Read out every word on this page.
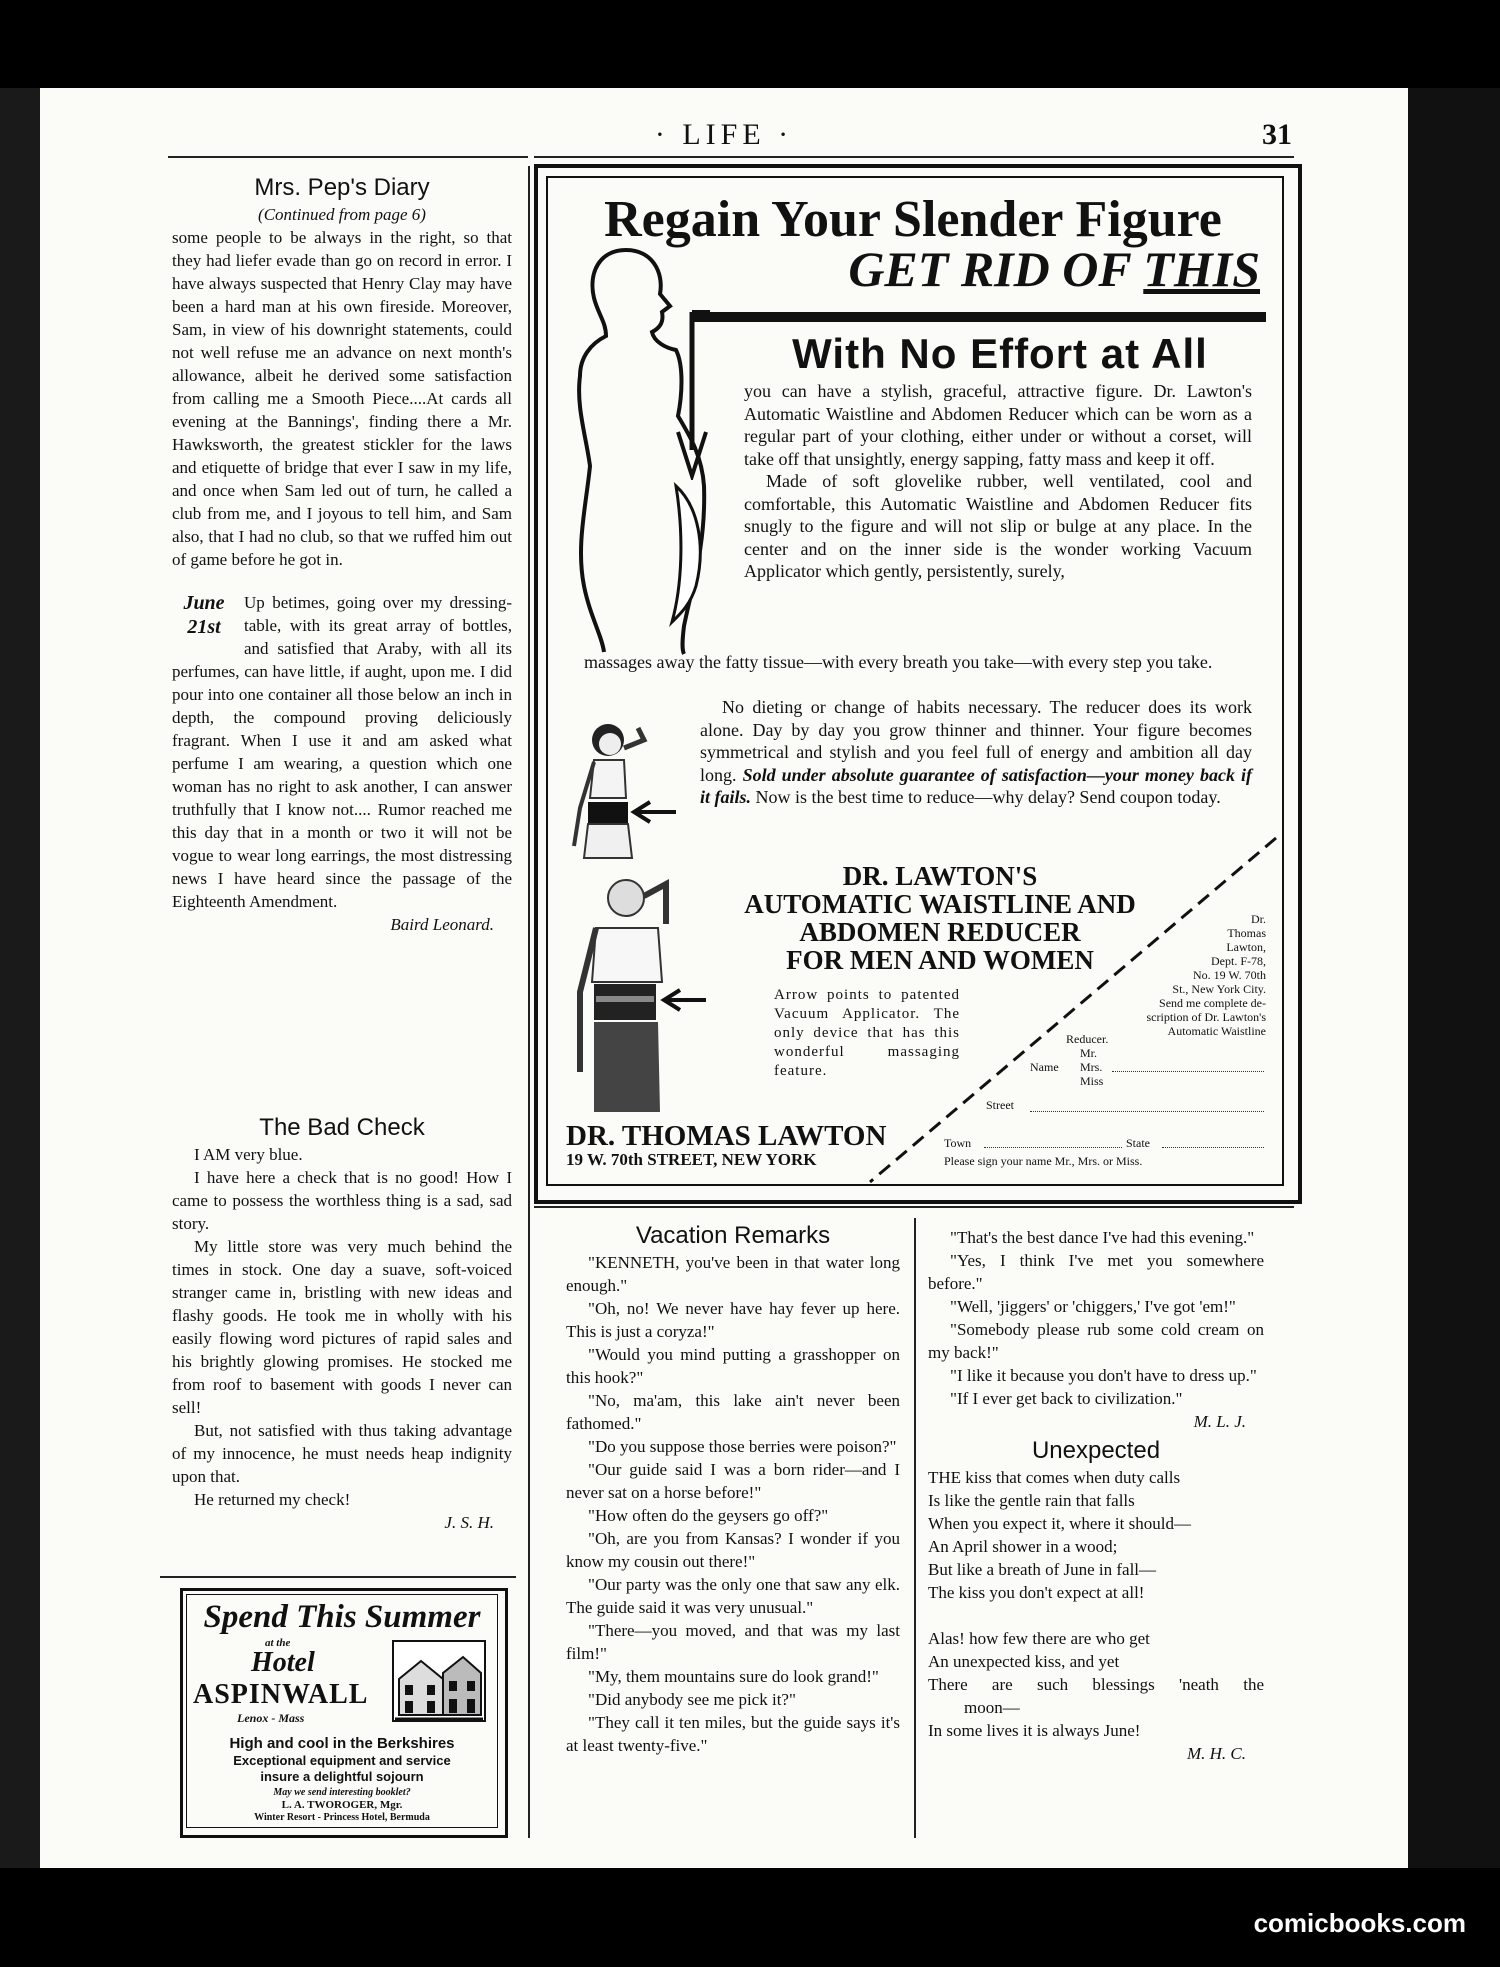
· LIFE ·	31
Mrs. Pep's Diary
(Continued from page 6)

some people to be always in the right, so that they had liefer evade than go on record in error. I have always suspected that Henry Clay may have been a hard man at his own fireside. Moreover, Sam, in view of his downright statements, could not well refuse me an advance on next month's allowance, albeit he derived some satisfaction from calling me a Smooth Piece....At cards all evening at the Bannings', finding there a Mr. Hawksworth, the greatest stickler for the laws and etiquette of bridge that ever I saw in my life, and once when Sam led out of turn, he called a club from me, and I joyous to tell him, and Sam also, that I had no club, so that we ruffed him out of game before he got in.

June
21st

Up betimes, going over my dressing-table, with its great array of bottles, and satisfied that Araby, with all its perfumes, can have little, if aught, upon me. I did pour into one container all those below an inch in depth, the compound proving deliciously fragrant. When I use it and am asked what perfume I am wearing, a question which one woman has no right to ask another, I can answer truthfully that I know not.... Rumor reached me this day that in a month or two it will not be vogue to wear long earrings, the most distressing news I have heard since the passage of the Eighteenth Amendment.

Baird Leonard.
The Bad Check

I AM very blue.

I have here a check that is no good! How I came to possess the worthless thing is a sad, sad story.

My little store was very much behind the times in stock. One day a suave, soft-voiced stranger came in, bristling with new ideas and flashy goods. He took me in wholly with his easily flowing word pictures of rapid sales and his brightly glowing promises. He stocked me from roof to basement with goods I never can sell!

But, not satisfied with thus taking advantage of my innocence, he must needs heap indignity upon that.

He returned my check!

J. S. H.
Spend This Summer
at the
Hotel
ASPINWALL
Lenox - Mass
High and cool in the Berkshires
Exceptional equipment and service
insure a delightful sojourn
May we send interesting booklet?
L. A. TWOROGER, Mgr.
Winter Resort - Princess Hotel, Bermuda
Regain Your Slender Figure
GET RID OF THIS
With No Effort at All

you can have a stylish, graceful, attractive figure. Dr. Lawton's Automatic Waistline and Abdomen Reducer which can be worn as a regular part of your clothing, either under or without a corset, will take off that unsightly, energy sapping, fatty mass and keep it off.

Made of soft glovelike rubber, well ventilated, cool and comfortable, this Automatic Waistline and Abdomen Reducer fits snugly to the figure and will not slip or bulge at any place. In the center and on the inner side is the wonder working Vacuum Applicator which gently, persistently, surely,

massages away the fatty tissue—with every breath you take—with every step you take.

No dieting or change of habits necessary. The reducer does its work alone. Day by day you grow thinner and thinner. Your figure becomes symmetrical and stylish and you feel full of energy and ambition all day long. Sold under absolute guarantee of satisfaction—your money back if it fails. Now is the best time to reduce—why delay? Send coupon today.

DR. LAWTON'S
AUTOMATIC WAISTLINE AND
ABDOMEN REDUCER
FOR MEN AND WOMEN
Arrow points to patented Vacuum Applicator. The only device that has this wonderful massaging feature.
DR. THOMAS LAWTON
19 W. 70th STREET, NEW YORK
Dr.
Thomas
Lawton,
Dept. F-78,
No. 19 W. 70th
St., New York City.
Send me complete de-
scription of Dr. Lawton's
Automatic Waistline
Reducer.
Mr.
Name Mrs.
Miss
Street
Town	State
Please sign your name Mr., Mrs. or Miss.
Vacation Remarks

"KENNETH, you've been in that water long enough."

"Oh, no! We never have hay fever up here. This is just a coryza!"

"Would you mind putting a grasshopper on this hook?"

"No, ma'am, this lake ain't never been fathomed."

"Do you suppose those berries were poison?"

"Our guide said I was a born rider—and I never sat on a horse before!"

"How often do the geysers go off?"

"Oh, are you from Kansas? I wonder if you know my cousin out there!"

"Our party was the only one that saw any elk. The guide said it was very unusual."

"There—you moved, and that was my last film!"

"My, them mountains sure do look grand!"

"Did anybody see me pick it?"

"They call it ten miles, but the guide says it's at least twenty-five."

"That's the best dance I've had this evening."

"Yes, I think I've met you somewhere before."

"Well, 'jiggers' or 'chiggers,' I've got 'em!"

"Somebody please rub some cold cream on my back!"

"I like it because you don't have to dress up."

"If I ever get back to civilization."

M. L. J.
Unexpected

THE kiss that comes when duty calls

Is like the gentle rain that falls

When you expect it, where it should—

An April shower in a wood;

But like a breath of June in fall—

The kiss you don't expect at all!

Alas! how few there are who get

An unexpected kiss, and yet

There are such blessings 'neath the

moon—

In some lives it is always June!

M. H. C.
comicbooks.com
